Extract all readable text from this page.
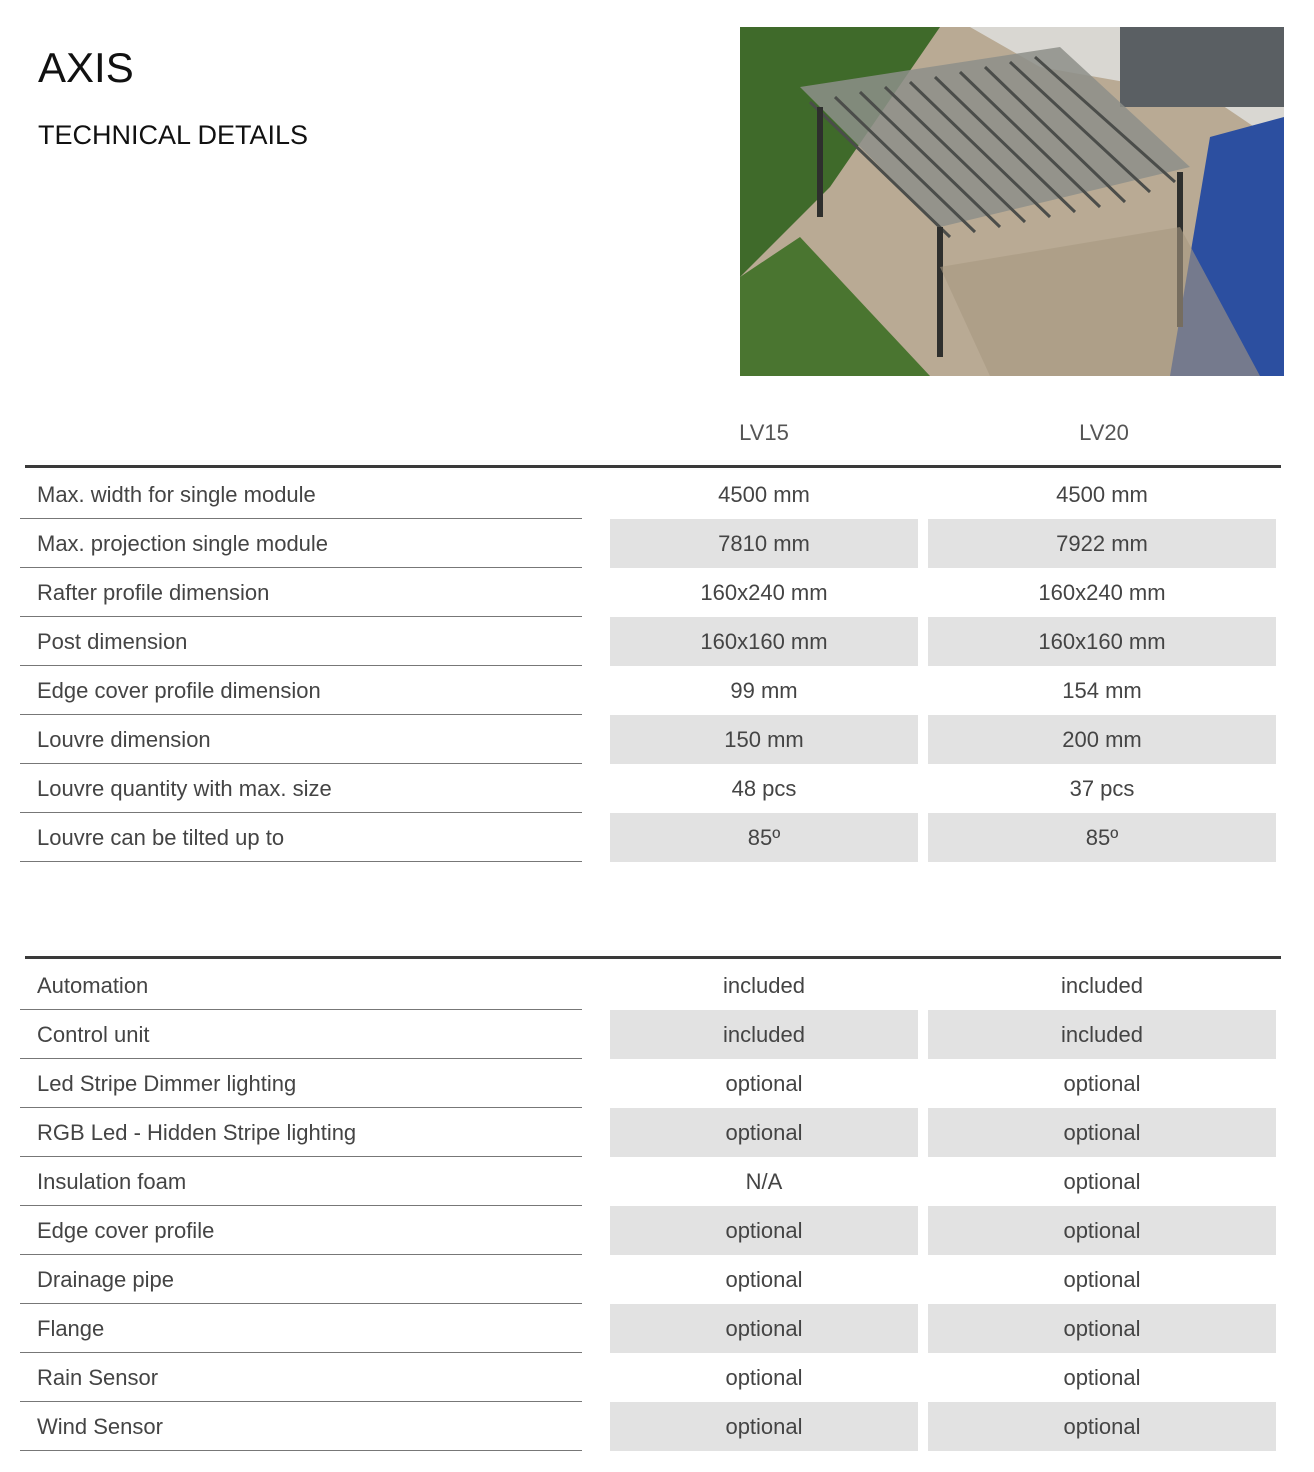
AXIS
TECHNICAL DETAILS
LV15	LV20
Max. width for single module	4500 mm	4500 mm
Max. projection single module	7810 mm	7922 mm
Rafter profile dimension	160x240 mm	160x240 mm
Post dimension	160x160 mm	160x160 mm
Edge cover profile dimension	99 mm	154 mm
Louvre dimension	150 mm	200 mm
Louvre quantity with max. size	48 pcs	37 pcs
Louvre can be tilted up to	85º	85º
Automation	included	included
Control unit	included	included
Led Stripe Dimmer lighting	optional	optional
RGB Led - Hidden Stripe lighting	optional	optional
Insulation foam	N/A	optional
Edge cover profile	optional	optional
Drainage pipe	optional	optional
Flange	optional	optional
Rain Sensor	optional	optional
Wind Sensor	optional	optional
